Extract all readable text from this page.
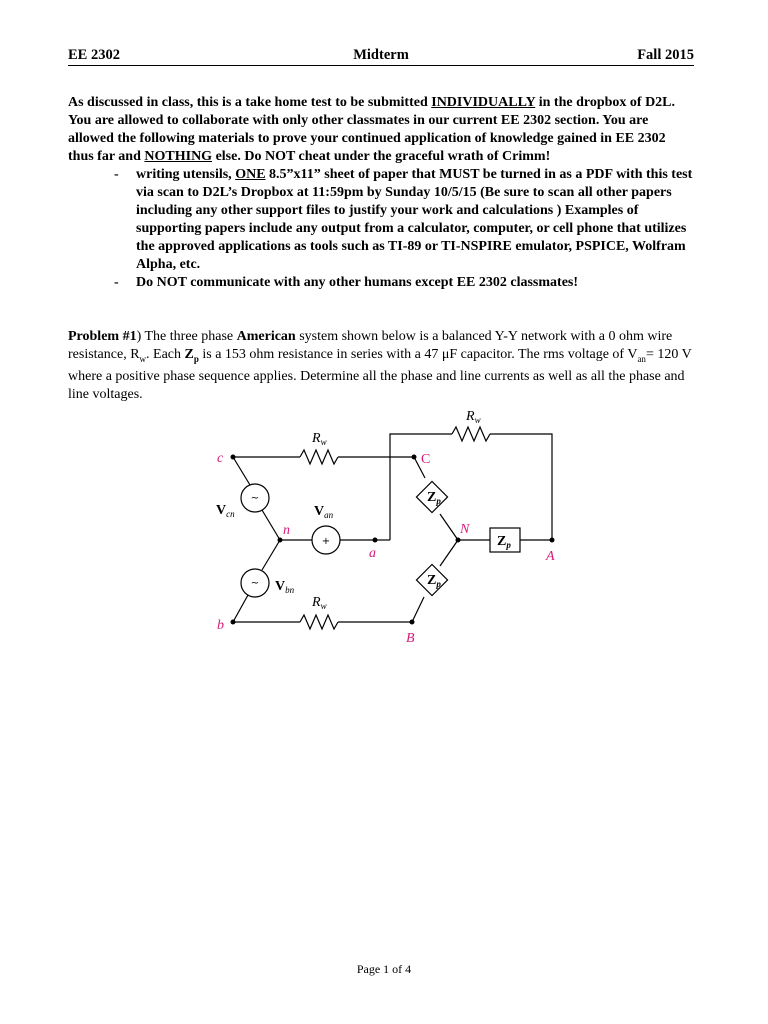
EE 2302	Midterm	Fall 2015

As discussed in class, this is a take home test to be submitted INDIVIDUALLY in the dropbox of D2L. You are allowed to collaborate with only other classmates in our current EE 2302 section. You are allowed the following materials to prove your continued application of knowledge gained in EE 2302 thus far and NOTHING else. Do NOT cheat under the graceful wrath of Crimm!

- writing utensils, ONE 8.5”x11” sheet of paper that MUST be turned in as a PDF with this test via scan to D2L’s Dropbox at 11:59pm by Sunday 10/5/15 (Be sure to scan all other papers including any other support files to justify your work and calculations ) Examples of supporting papers include any output from a calculator, computer, or cell phone that utilizes the approved applications as tools such as TI-89 or TI-NSPIRE emulator, PSPICE, Wolfram Alpha, etc.
- Do NOT communicate with any other humans except EE 2302 classmates!

Problem #1) The three phase American system shown below is a balanced Y-Y network with a 0 ohm wire resistance, $R_w$. Each $Z_p$ is a 153 ohm resistance in series with a 47 μF capacitor. The rms voltage of $V_{an}= 120$ V where a positive phase sequence applies. Determine all the phase and line currents as well as all the phase and line voltages.

~
+
~
$R_w$
$R_w$
$R_w$
$V_{cn}$	$V_{an}$
$V_{bn}$
$Z_p$
$Z_p$
$Z_p$
c
b
n
a
C
N
A
B
Page 1 of 4
